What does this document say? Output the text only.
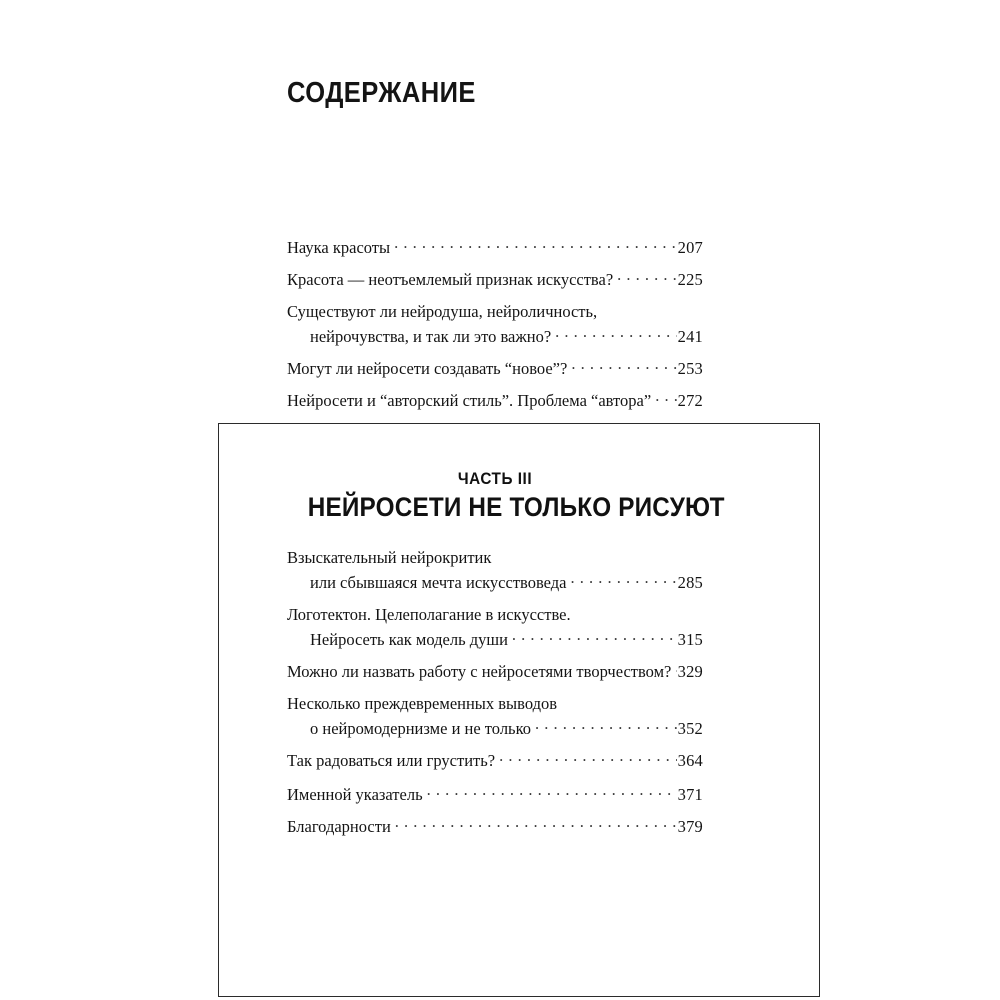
СОДЕРЖАНИЕ
Наука красоты . . .	207
Красота — неотъемлемый признак искусства? . . .	225
Существуют ли нейродуша, нейроличность,
нейрочувства, и так ли это важно? . . .	241
Могут ли нейросети создавать “новое”? . . .	253
Нейросети и “авторский стиль”. Проблема “автора” . . . 272
ЧАСТЬ III
НЕЙРОСЕТИ НЕ ТОЛЬКО РИСУЮТ
Взыскательный нейрокритик
или сбывшаяся мечта искусствоведа . . .	285
Логотектон. Целеполагание в искусстве.
Нейросеть как модель души . . .	315
Можно ли назвать работу с нейросетями творчеством? . . . 329
Несколько преждевременных выводов
о нейромодернизме и не только . . .	352
Так радоваться или грустить? . . .	364
Именной указатель . . .	371
Благодарности . . .	379
